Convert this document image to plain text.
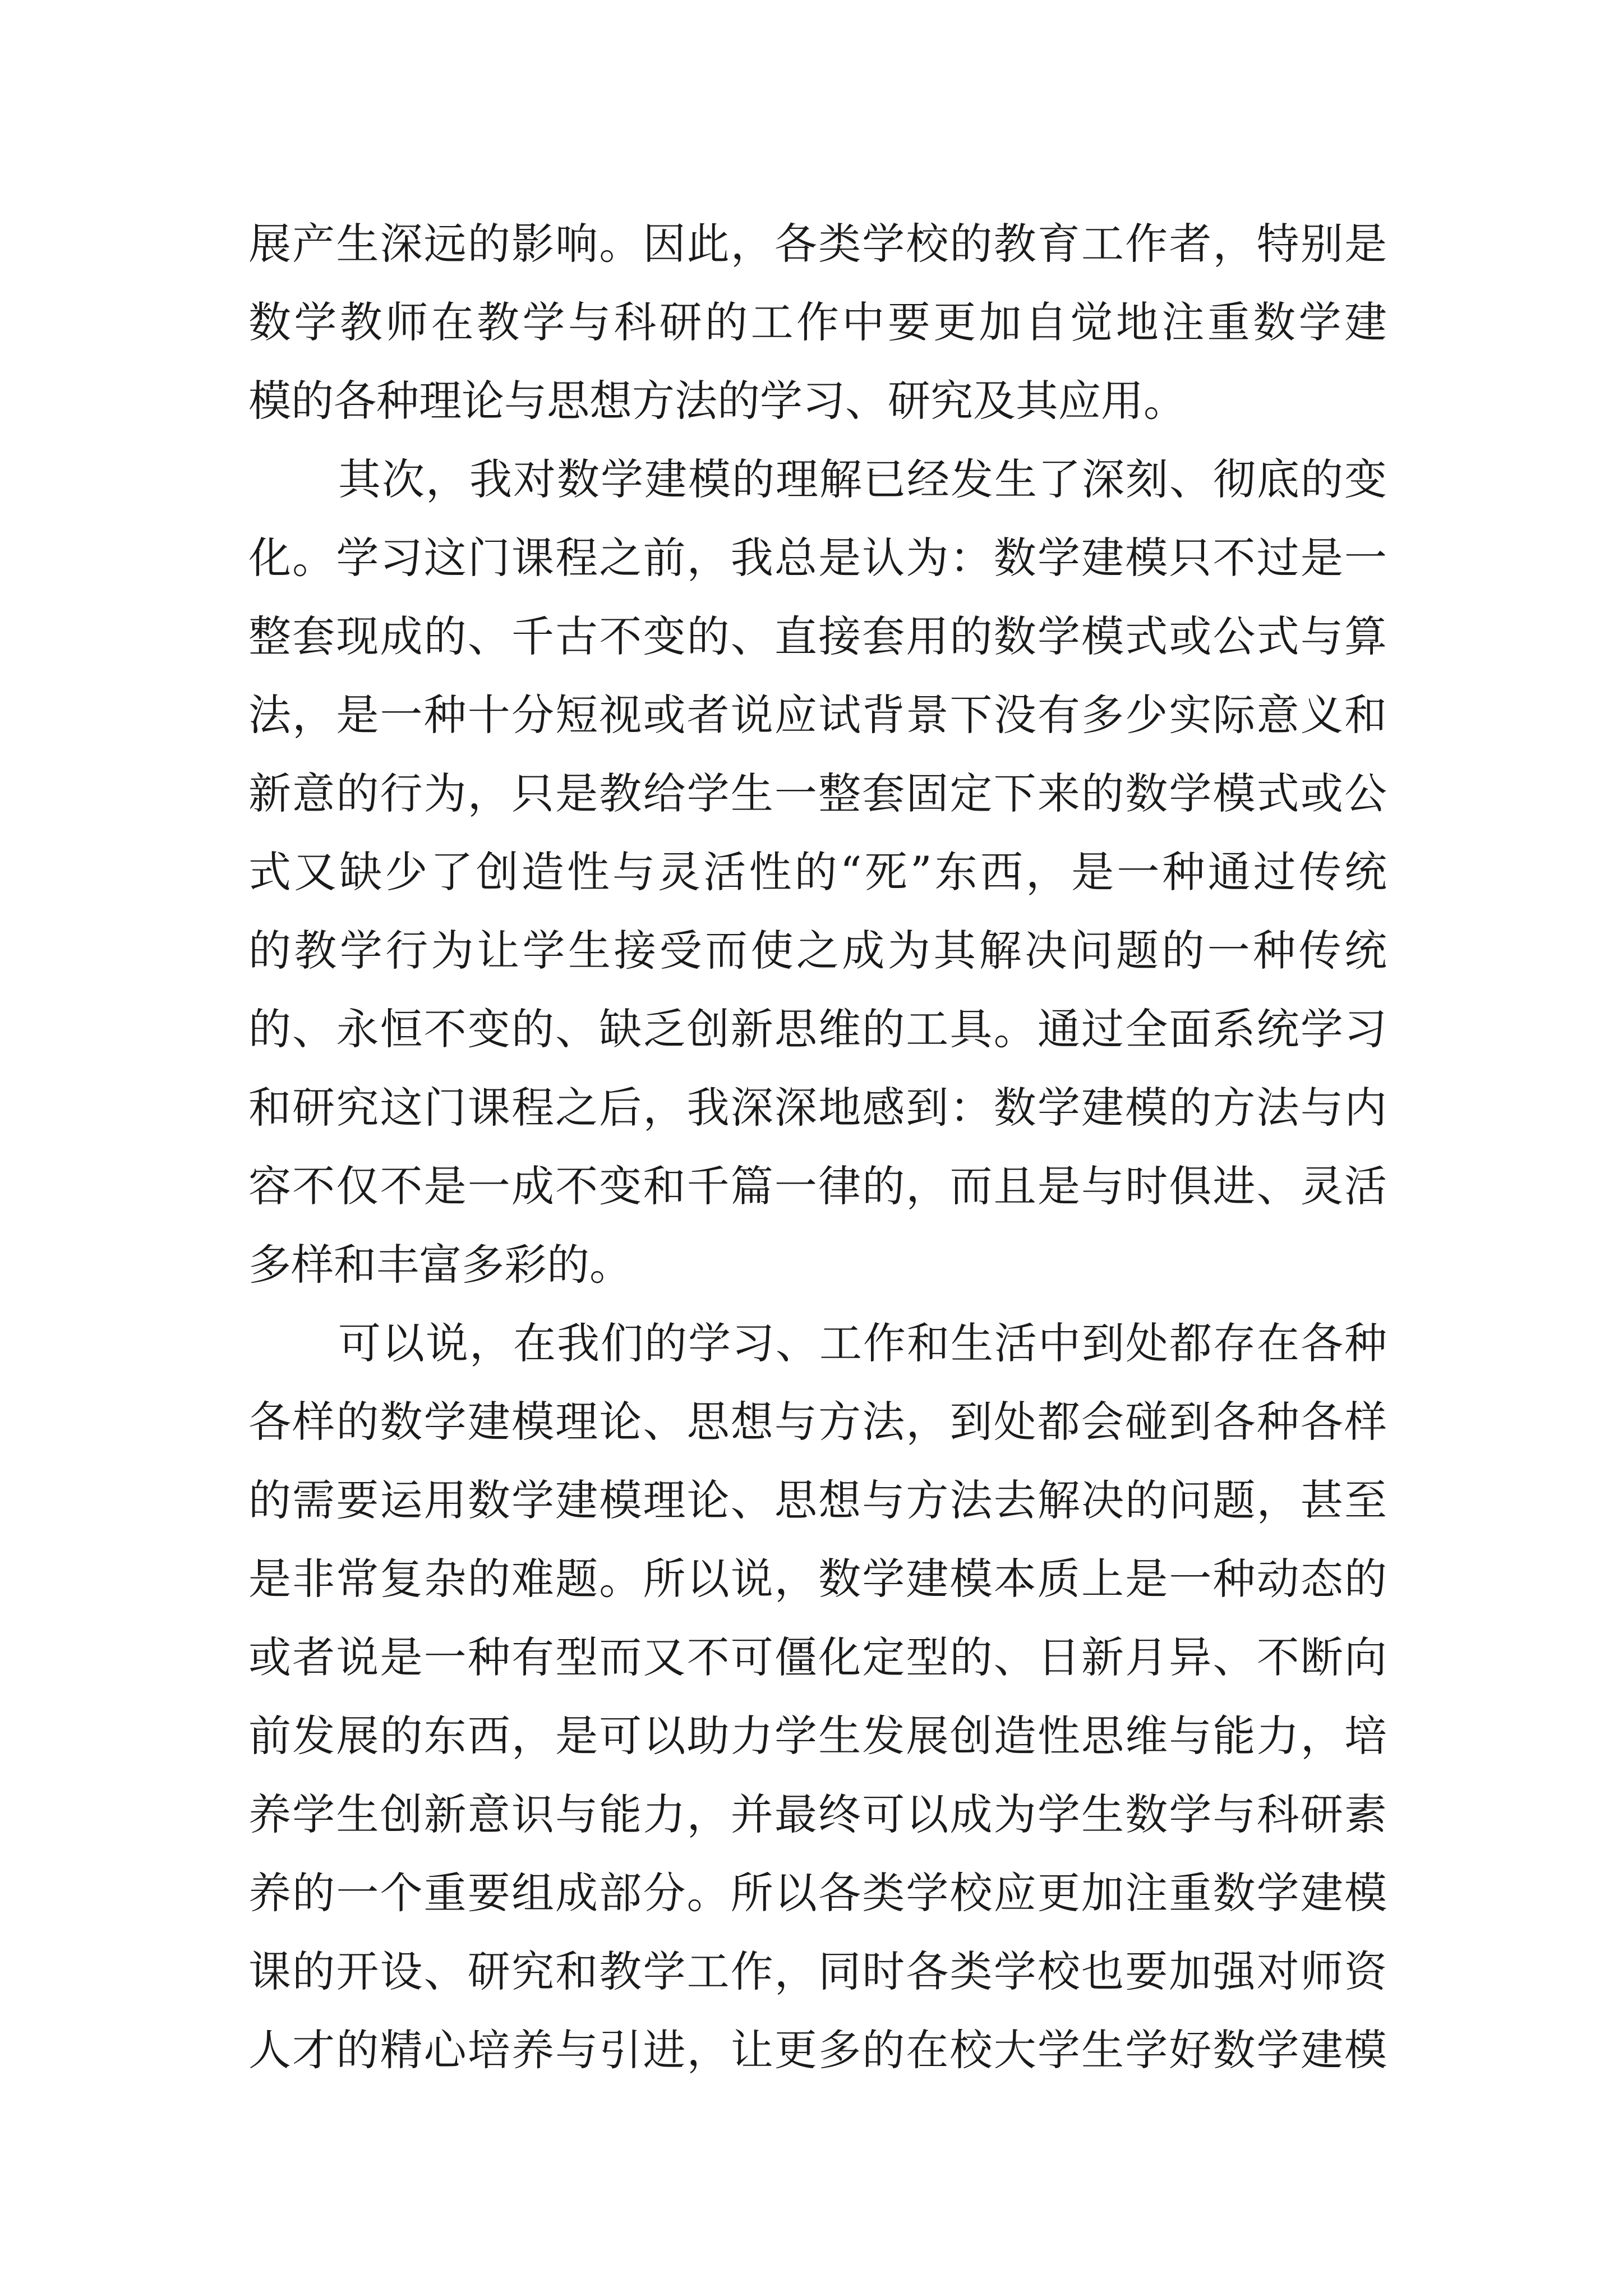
展产生深远的影响。因此，各类学校的教育工作者，特别是
数学教师在教学与科研的工作中要更加自觉地注重数学建
模的各种理论与思想方法的学习、研究及其应用。
其次，我对数学建模的理解已经发生了深刻、彻底的变
化。学习这门课程之前，我总是认为：数学建模只不过是一
整套现成的、千古不变的、直接套用的数学模式或公式与算
法，是一种十分短视或者说应试背景下没有多少实际意义和
新意的行为，只是教给学生一整套固定下来的数学模式或公
式又缺少了创造性与灵活性的“死”东西，是一种通过传统
的教学行为让学生接受而使之成为其解决问题的一种传统
的、永恒不变的、缺乏创新思维的工具。通过全面系统学习
和研究这门课程之后，我深深地感到：数学建模的方法与内
容不仅不是一成不变和千篇一律的，而且是与时俱进、灵活
多样和丰富多彩的。
可以说，在我们的学习、工作和生活中到处都存在各种
各样的数学建模理论、思想与方法，到处都会碰到各种各样
的需要运用数学建模理论、思想与方法去解决的问题，甚至
是非常复杂的难题。所以说，数学建模本质上是一种动态的
或者说是一种有型而又不可僵化定型的、日新月异、不断向
前发展的东西，是可以助力学生发展创造性思维与能力，培
养学生创新意识与能力，并最终可以成为学生数学与科研素
养的一个重要组成部分。所以各类学校应更加注重数学建模
课的开设、研究和教学工作，同时各类学校也要加强对师资
人才的精心培养与引进，让更多的在校大学生学好数学建模
